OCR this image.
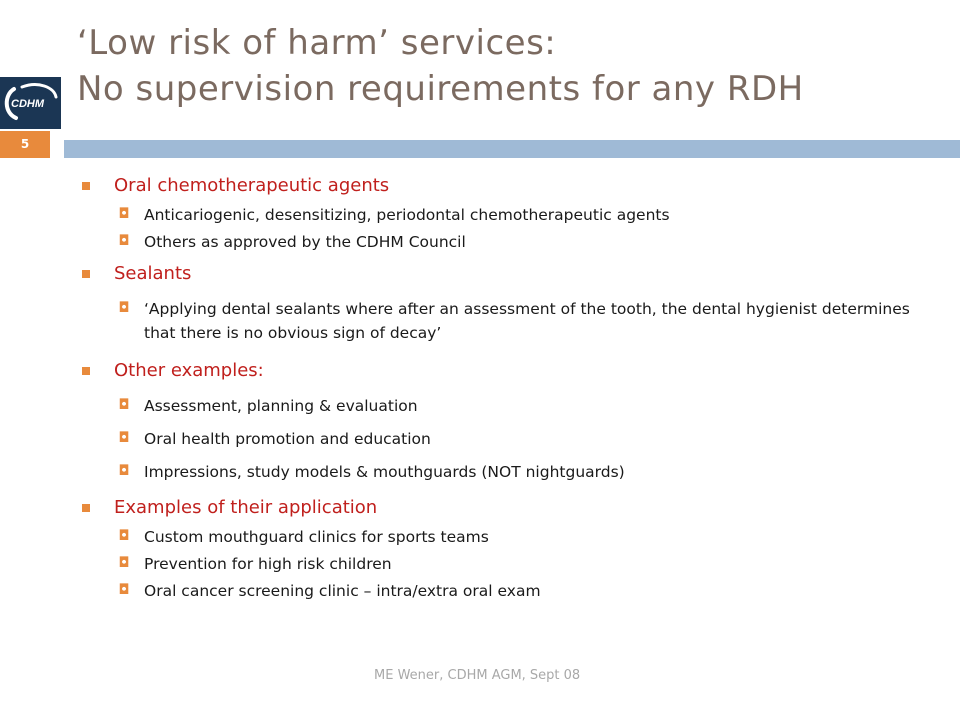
‘Low risk of harm’ services:
No supervision requirements for any RDH
CDHM
5
Oral chemotherapeutic agents
◘ Anticariogenic, desensitizing, periodontal chemotherapeutic agents
◘ Others as approved by the CDHM Council
Sealants
◘ ‘Applying dental sealants where after an assessment of the tooth, the dental hygienist determines that there is no obvious sign of decay’
Other examples:
◘ Assessment, planning & evaluation
◘ Oral health promotion and education
◘ Impressions, study models & mouthguards (NOT nightguards)
Examples of their application
◘ Custom mouthguard clinics for sports teams
◘ Prevention for high risk children
◘ Oral cancer screening clinic – intra/extra oral exam
ME Wener, CDHM AGM, Sept 08
